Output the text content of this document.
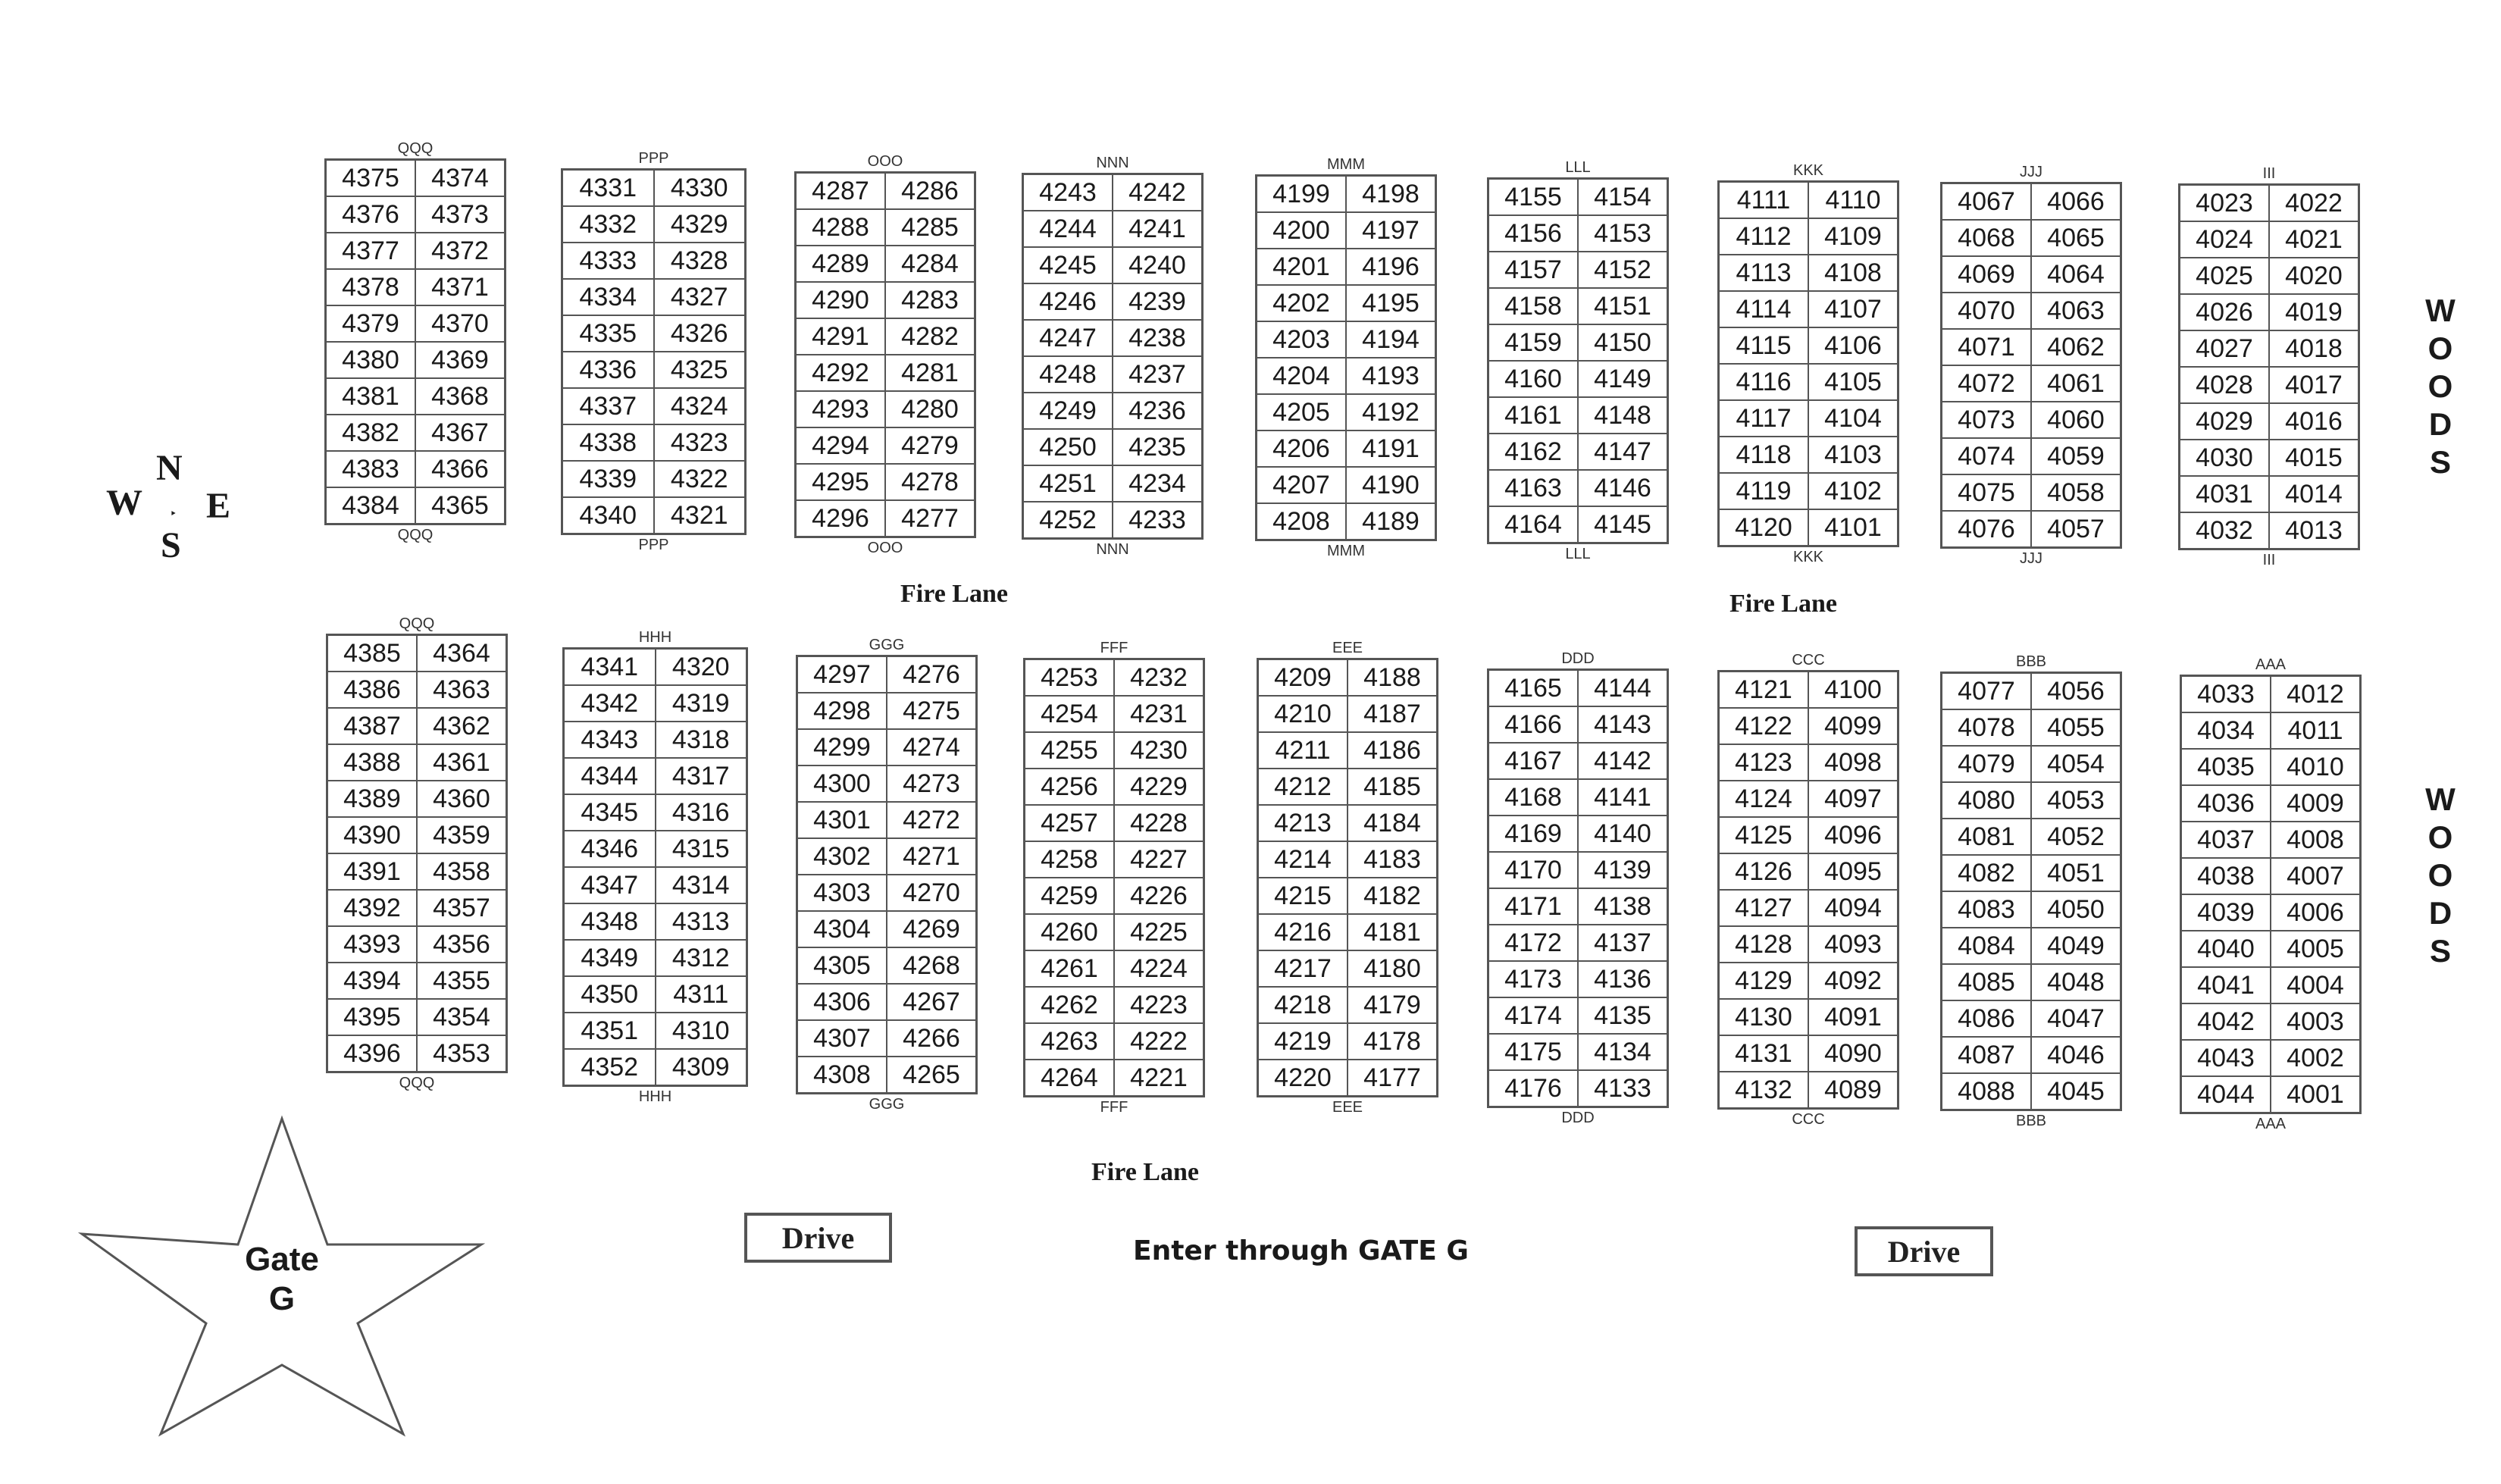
N
W E
S
‣
W
O
O
D
S
W
O
O
D
S
Fire Lane	Fire Lane
Fire Lane
Drive	Drive
Enter through GATE G
Gate
G
QQQ
4375	4374
4376	4373
4377	4372
4378	4371
4379	4370
4380	4369
4381	4368
4382	4367
4383	4366
4384	4365
QQQ
PPP
4331	4330
4332	4329
4333	4328
4334	4327
4335	4326
4336	4325
4337	4324
4338	4323
4339	4322
4340	4321
PPP
OOO
4287	4286
4288	4285
4289	4284
4290	4283
4291	4282
4292	4281
4293	4280
4294	4279
4295	4278
4296	4277
OOO
NNN
4243	4242
4244	4241
4245	4240
4246	4239
4247	4238
4248	4237
4249	4236
4250	4235
4251	4234
4252	4233
NNN
MMM
4199	4198
4200	4197
4201	4196
4202	4195
4203	4194
4204	4193
4205	4192
4206	4191
4207	4190
4208	4189
MMM
LLL
4155	4154
4156	4153
4157	4152
4158	4151
4159	4150
4160	4149
4161	4148
4162	4147
4163	4146
4164	4145
LLL
KKK
4111	4110
4112	4109
4113	4108
4114	4107
4115	4106
4116	4105
4117	4104
4118	4103
4119	4102
4120	4101
KKK
JJJ
4067	4066
4068	4065
4069	4064
4070	4063
4071	4062
4072	4061
4073	4060
4074	4059
4075	4058
4076	4057
JJJ
III
4023	4022
4024	4021
4025	4020
4026	4019
4027	4018
4028	4017
4029	4016
4030	4015
4031	4014
4032	4013
III
QQQ
4385	4364
4386	4363
4387	4362
4388	4361
4389	4360
4390	4359
4391	4358
4392	4357
4393	4356
4394	4355
4395	4354
4396	4353
QQQ
HHH
4341	4320
4342	4319
4343	4318
4344	4317
4345	4316
4346	4315
4347	4314
4348	4313
4349	4312
4350	4311
4351	4310
4352	4309
HHH
GGG
4297	4276
4298	4275
4299	4274
4300	4273
4301	4272
4302	4271
4303	4270
4304	4269
4305	4268
4306	4267
4307	4266
4308	4265
GGG
FFF
4253	4232
4254	4231
4255	4230
4256	4229
4257	4228
4258	4227
4259	4226
4260	4225
4261	4224
4262	4223
4263	4222
4264	4221
FFF
EEE
4209	4188
4210	4187
4211	4186
4212	4185
4213	4184
4214	4183
4215	4182
4216	4181
4217	4180
4218	4179
4219	4178
4220	4177
EEE
DDD
4165	4144
4166	4143
4167	4142
4168	4141
4169	4140
4170	4139
4171	4138
4172	4137
4173	4136
4174	4135
4175	4134
4176	4133
DDD
CCC
4121	4100
4122	4099
4123	4098
4124	4097
4125	4096
4126	4095
4127	4094
4128	4093
4129	4092
4130	4091
4131	4090
4132	4089
CCC
BBB
4077	4056
4078	4055
4079	4054
4080	4053
4081	4052
4082	4051
4083	4050
4084	4049
4085	4048
4086	4047
4087	4046
4088	4045
BBB
AAA
4033	4012
4034	4011
4035	4010
4036	4009
4037	4008
4038	4007
4039	4006
4040	4005
4041	4004
4042	4003
4043	4002
4044	4001
AAA
